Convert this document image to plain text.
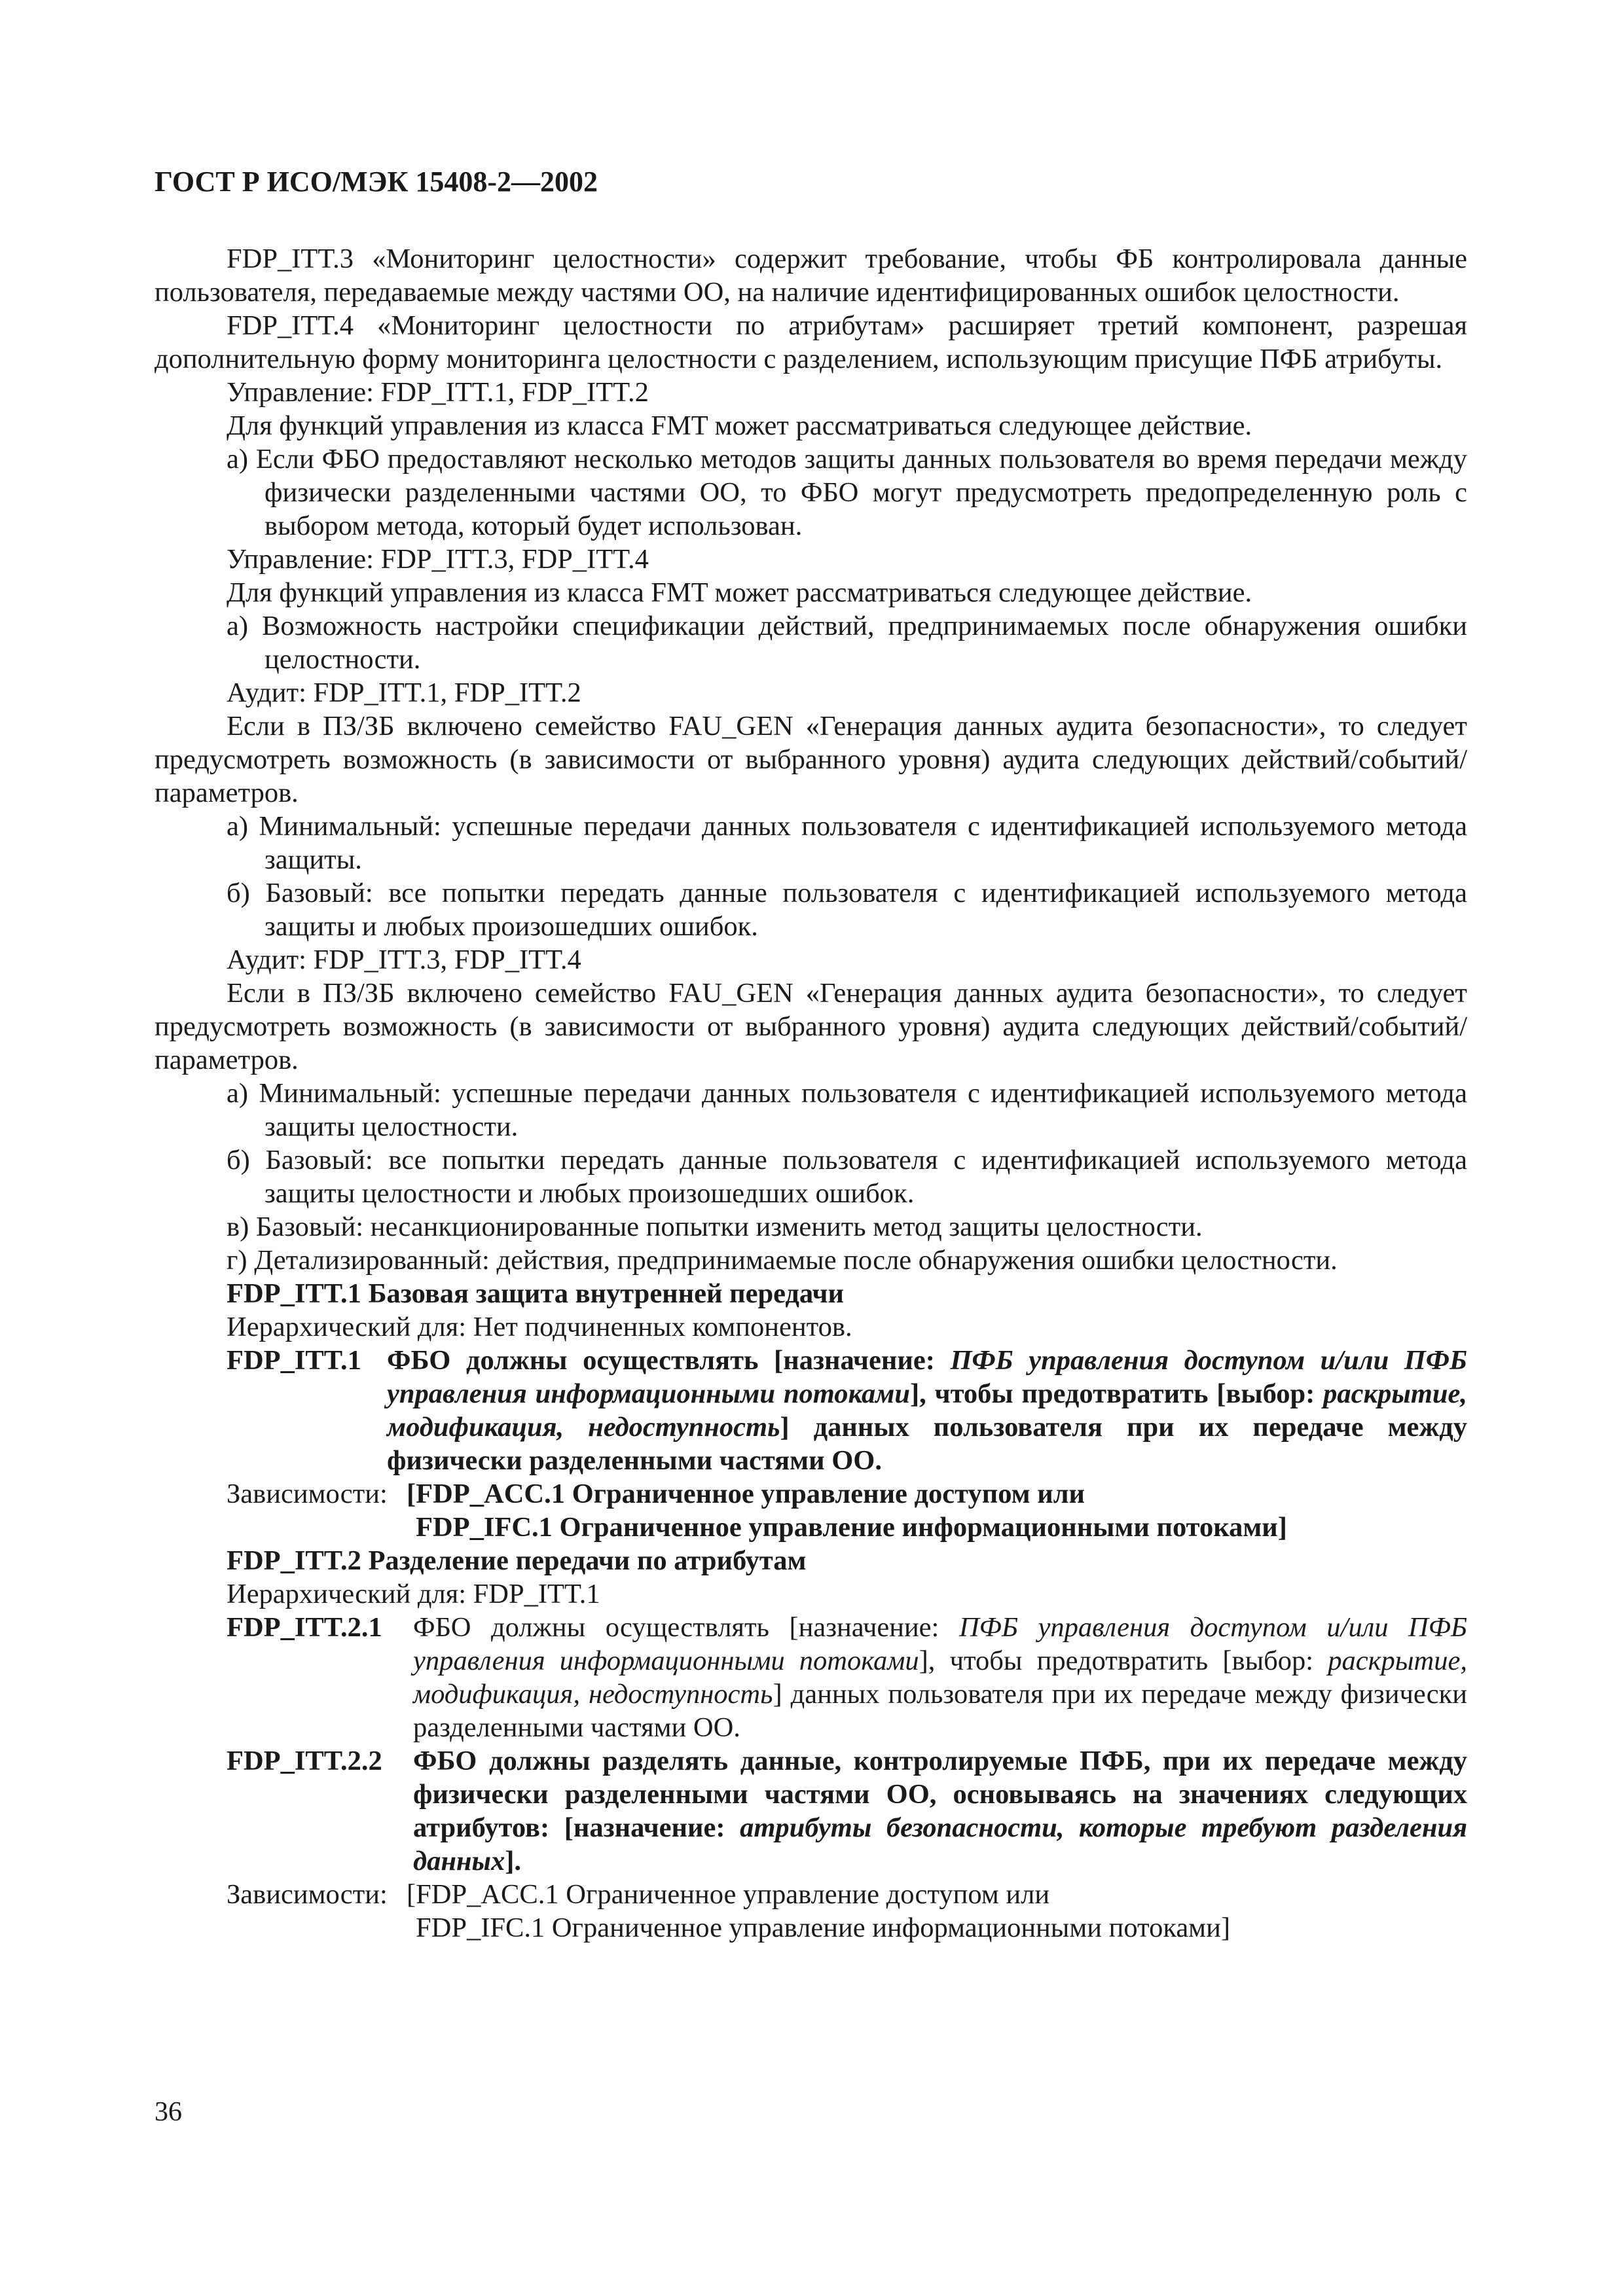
ГОСТ Р ИСО/МЭК 15408-2—2002

FDP_ITT.3 «Мониторинг целостности» содержит требование, чтобы ФБ контролировала данные пользователя, передаваемые между частями ОО, на наличие идентифицированных ошибок целостности.

FDP_ITT.4 «Мониторинг целостности по атрибутам» расширяет третий компонент, разрешая дополнительную форму мониторинга целостности с разделением, использующим присущие ПФБ атрибуты.

Управление: FDP_ITT.1, FDP_ITT.2

Для функций управления из класса FMT может рассматриваться следующее действие.

а) Если ФБО предоставляют несколько методов защиты данных пользователя во время передачи между физически разделенными частями ОО, то ФБО могут предусмотреть предопределенную роль с выбором метода, который будет использован.

Управление: FDP_ITT.3, FDP_ITT.4

Для функций управления из класса FMT может рассматриваться следующее действие.

а) Возможность настройки спецификации действий, предпринимаемых после обнаружения ошибки целостности.

Аудит: FDP_ITT.1, FDP_ITT.2

Если в ПЗ/ЗБ включено семейство FAU_GEN «Генерация данных аудита безопасности», то следует предусмотреть возможность (в зависимости от выбранного уровня) аудита следующих действий/событий/параметров.

а) Минимальный: успешные передачи данных пользователя с идентификацией используемого метода защиты.

б) Базовый: все попытки передать данные пользователя с идентификацией используемого метода защиты и любых произошедших ошибок.

Аудит: FDP_ITT.3, FDP_ITT.4

Если в ПЗ/ЗБ включено семейство FAU_GEN «Генерация данных аудита безопасности», то следует предусмотреть возможность (в зависимости от выбранного уровня) аудита следующих действий/событий/параметров.

а) Минимальный: успешные передачи данных пользователя с идентификацией используемого метода защиты целостности.

б) Базовый: все попытки передать данные пользователя с идентификацией используемого метода защиты целостности и любых произошедших ошибок.

в) Базовый: несанкционированные попытки изменить метод защиты целостности.

г) Детализированный: действия, предпринимаемые после обнаружения ошибки целостности.

FDP_ITT.1 Базовая защита внутренней передачи

Иерархический для: Нет подчиненных компонентов.

FDP_ITT.1 ФБО должны осуществлять [назначение: ПФБ управления доступом и/или ПФБ управления информационными потоками], чтобы предотвратить [выбор: раскрытие, модификация, недоступность] данных пользователя при их передаче между физически разделенными частями ОО.
Зависимости: [FDP_ACC.1 Ограниченное управление доступом или
FDP_IFC.1 Ограниченное управление информационными потоками]

FDP_ITT.2 Разделение передачи по атрибутам

Иерархический для: FDP_ITT.1

FDP_ITT.2.1	ФБО должны осуществлять [назначение: ПФБ управления доступом и/или ПФБ управления информационными потоками], чтобы предотвратить [выбор: раскрытие, модификация, недоступность] данных пользователя при их передаче между физически разделенными частями ОО.
FDP_ITT.2.2	ФБО должны разделять данные, контролируемые ПФБ, при их передаче между физически разделенными частями ОО, основываясь на значениях следующих атрибутов: [назначение: атрибуты безопасности, которые требуют разделения данных].
Зависимости: [FDP_ACC.1 Ограниченное управление доступом или
FDP_IFC.1 Ограниченное управление информационными потоками]
36
